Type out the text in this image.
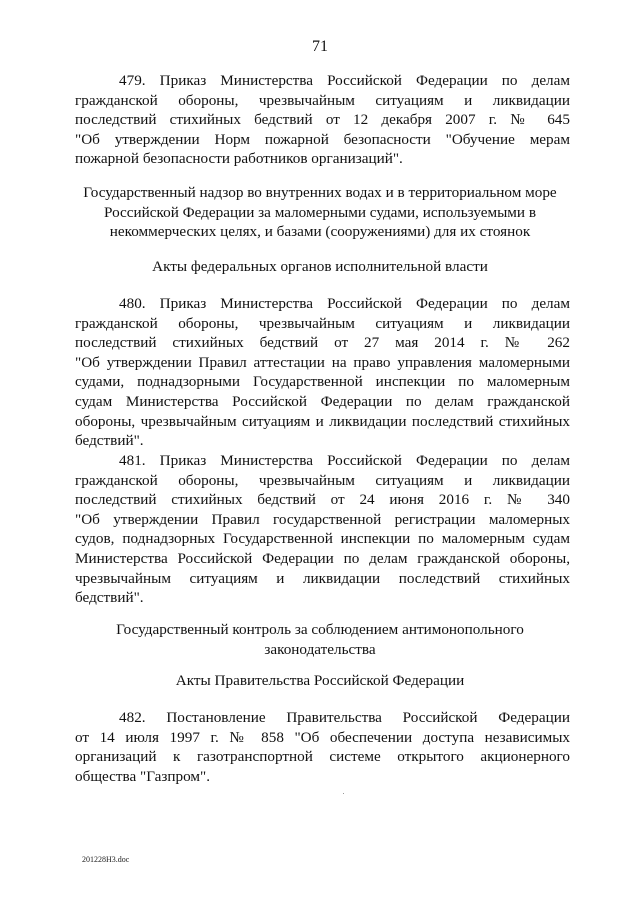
71
479. Приказ Министерства Российской Федерации по делам
гражданской обороны, чрезвычайным ситуациям и ликвидации
последствий стихийных бедствий от 12 декабря 2007 г. № 645
"Об утверждении Норм пожарной безопасности "Обучение мерам
пожарной безопасности работников организаций".
Государственный надзор во внутренних водах и в территориальном море
Российской Федерации за маломерными судами, используемыми в
некоммерческих целях, и базами (сооружениями) для их стоянок
Акты федеральных органов исполнительной власти
480. Приказ Министерства Российской Федерации по делам
гражданской обороны, чрезвычайным ситуациям и ликвидации
последствий стихийных бедствий от 27 мая 2014 г. № 262
"Об утверждении Правил аттестации на право управления маломерными
судами, поднадзорными Государственной инспекции по маломерным
судам Министерства Российской Федерации по делам гражданской
обороны, чрезвычайным ситуациям и ликвидации последствий стихийных
бедствий".
481. Приказ Министерства Российской Федерации по делам
гражданской обороны, чрезвычайным ситуациям и ликвидации
последствий стихийных бедствий от 24 июня 2016 г. № 340
"Об утверждении Правил государственной регистрации маломерных
судов, поднадзорных Государственной инспекции по маломерным судам
Министерства Российской Федерации по делам гражданской обороны,
чрезвычайным ситуациям и ликвидации последствий стихийных
бедствий".
Государственный контроль за соблюдением антимонопольного
законодательства
Акты Правительства Российской Федерации
482. Постановление Правительства Российской Федерации
от 14 июля 1997 г. № 858 "Об обеспечении доступа независимых
организаций к газотранспортной системе открытого акционерного
общества "Газпром".
201228Н3.doc
